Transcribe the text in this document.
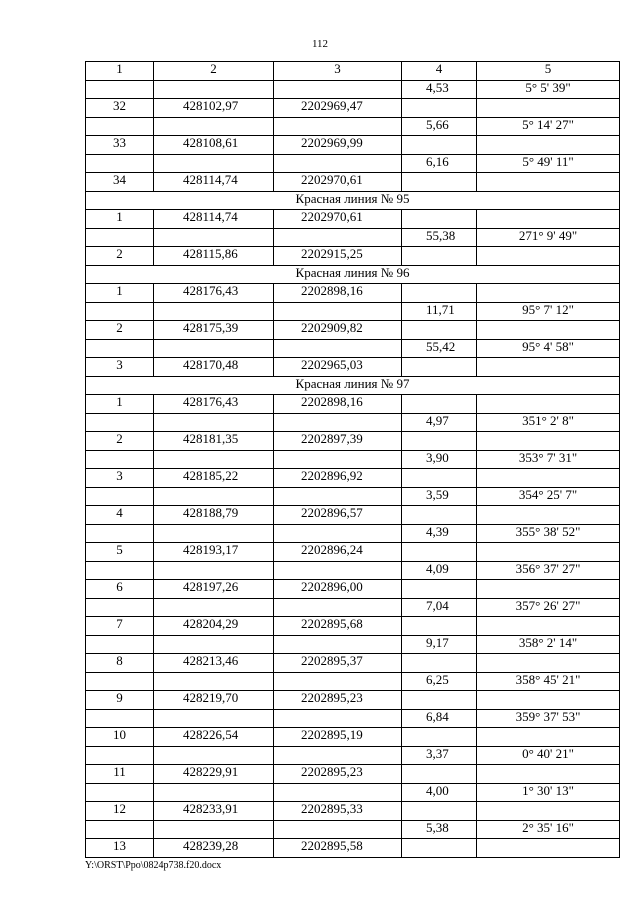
112
1	2	3	4	5
			4,53	5° 5' 39"
32	428102,97	2202969,47		
			5,66	5° 14' 27"
33	428108,61	2202969,99		
			6,16	5° 49' 11"
34	428114,74	2202970,61		
Красная линия № 95				
1	428114,74	2202970,61		
			55,38	271° 9' 49"
2	428115,86	2202915,25		
Красная линия № 96				
1	428176,43	2202898,16		
			11,71	95° 7' 12"
2	428175,39	2202909,82		
			55,42	95° 4' 58"
3	428170,48	2202965,03		
Красная линия № 97				
1	428176,43	2202898,16		
			4,97	351° 2' 8"
2	428181,35	2202897,39		
			3,90	353° 7' 31"
3	428185,22	2202896,92		
			3,59	354° 25' 7"
4	428188,79	2202896,57		
			4,39	355° 38' 52"
5	428193,17	2202896,24		
			4,09	356° 37' 27"
6	428197,26	2202896,00		
			7,04	357° 26' 27"
7	428204,29	2202895,68		
			9,17	358° 2' 14"
8	428213,46	2202895,37		
			6,25	358° 45' 21"
9	428219,70	2202895,23		
			6,84	359° 37' 53"
10	428226,54	2202895,19		
			3,37	0° 40' 21"
11	428229,91	2202895,23		
			4,00	1° 30' 13"
12	428233,91	2202895,33		
			5,38	2° 35' 16"
13	428239,28	2202895,58		
Y:\ORST\Ppo\0824p738.f20.docx
